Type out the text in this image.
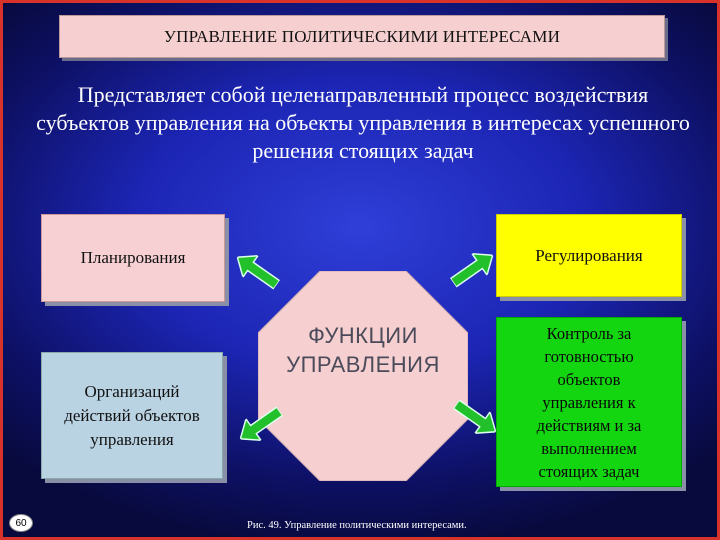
УПРАВЛЕНИЕ ПОЛИТИЧЕСКИМИ ИНТЕРЕСАМИ
Представляет собой целенаправленный процесс воздействия субъектов управления на объекты управления в интересах успешного решения стоящих задач
Планирования
Организаций действий объектов управления
Регулирования
Контроль за готовностью объектов управления к действиям и за выполнением стоящих задач
ФУНКЦИИ
УПРАВЛЕНИЯ
Рис. 49. Управление политическими интересами.
60
